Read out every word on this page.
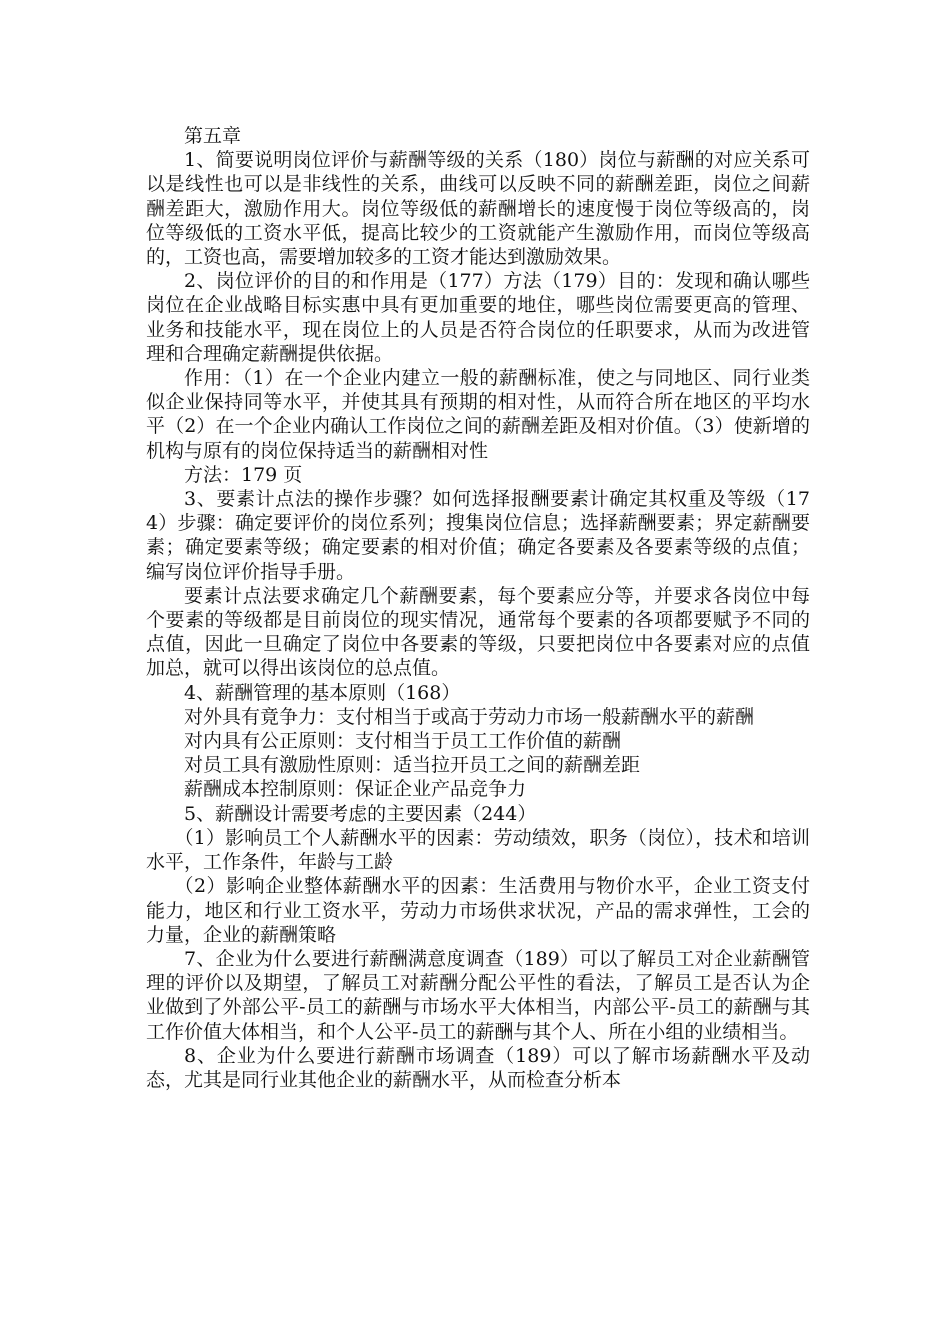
第五章

1、简要说明岗位评价与薪酬等级的关系（180）岗位与薪酬的对应关系可以是线性也可以是非线性的关系，曲线可以反映不同的薪酬差距，岗位之间薪酬差距大，激励作用大。岗位等级低的薪酬增长的速度慢于岗位等级高的，岗位等级低的工资水平低，提高比较少的工资就能产生激励作用，而岗位等级高的，工资也高，需要增加较多的工资才能达到激励效果。

2、岗位评价的目的和作用是（177）方法（179）目的：发现和确认哪些岗位在企业战略目标实惠中具有更加重要的地住，哪些岗位需要更高的管理、业务和技能水平，现在岗位上的人员是否符合岗位的任职要求，从而为改进管理和合理确定薪酬提供依据。

作用：（1）在一个企业内建立一般的薪酬标准，使之与同地区、同行业类似企业保持同等水平，并使其具有预期的相对性，从而符合所在地区的平均水平（2）在一个企业内确认工作岗位之间的薪酬差距及相对价值。（3）使新增的机构与原有的岗位保持适当的薪酬相对性

方法：179 页

3、要素计点法的操作步骤？如何选择报酬要素计确定其权重及等级（174）步骤：确定要评价的岗位系列；搜集岗位信息；选择薪酬要素；界定薪酬要素；确定要素等级；确定要素的相对价值；确定各要素及各要素等级的点值；编写岗位评价指导手册。

要素计点法要求确定几个薪酬要素，每个要素应分等，并要求各岗位中每个要素的等级都是目前岗位的现实情况，通常每个要素的各项都要赋予不同的点值，因此一旦确定了岗位中各要素的等级，只要把岗位中各要素对应的点值加总，就可以得出该岗位的总点值。

4、薪酬管理的基本原则（168）

对外具有竟争力：支付相当于或高于劳动力市场一般薪酬水平的薪酬

对内具有公正原则：支付相当于员工工作价值的薪酬

对员工具有激励性原则：适当拉开员工之间的薪酬差距

薪酬成本控制原则：保证企业产品竞争力

5、薪酬设计需要考虑的主要因素（244）

（1）影响员工个人薪酬水平的因素：劳动绩效，职务（岗位），技术和培训水平，工作条件，年龄与工龄

（2）影响企业整体薪酬水平的因素：生活费用与物价水平，企业工资支付能力，地区和行业工资水平，劳动力市场供求状况，产品的需求弹性，工会的力量，企业的薪酬策略

7、企业为什么要进行薪酬满意度调查（189）可以了解员工对企业薪酬管理的评价以及期望，了解员工对薪酬分配公平性的看法，了解员工是否认为企业做到了外部公平-员工的薪酬与市场水平大体相当，内部公平-员工的薪酬与其工作价值大体相当，和个人公平-员工的薪酬与其个人、所在小组的业绩相当。

8、企业为什么要进行薪酬市场调查（189）可以了解市场薪酬水平及动态，尤其是同行业其他企业的薪酬水平，从而检查分析本
